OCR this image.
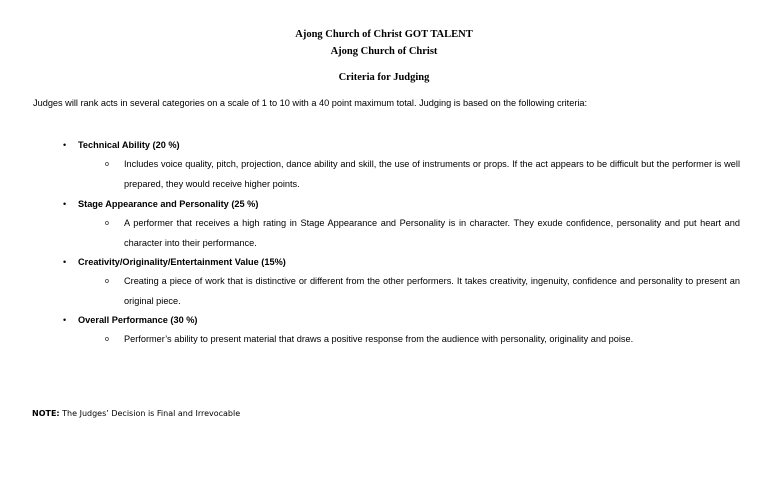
Ajong Church of Christ GOT TALENT
Ajong Church of Christ
Criteria for Judging
Judges will rank acts in several categories on a scale of 1 to 10 with a 40 point maximum total. Judging is based on the following criteria:
• Technical Ability (20 %)
o Includes voice quality, pitch, projection, dance ability and skill, the use of instruments or props. If the act appears to be difficult but the performer is well prepared, they would receive higher points.
• Stage Appearance and Personality (25 %)
o A performer that receives a high rating in Stage Appearance and Personality is in character. They exude confidence, personality and put heart and character into their performance.
• Creativity/Originality/Entertainment Value (15%)
o Creating a piece of work that is distinctive or different from the other performers. It takes creativity, ingenuity, confidence and personality to present an original piece.
• Overall Performance (30 %)
o Performer’s ability to present material that draws a positive response from the audience with personality, originality and poise.
NOTE: The Judges’ Decision is Final and Irrevocable
